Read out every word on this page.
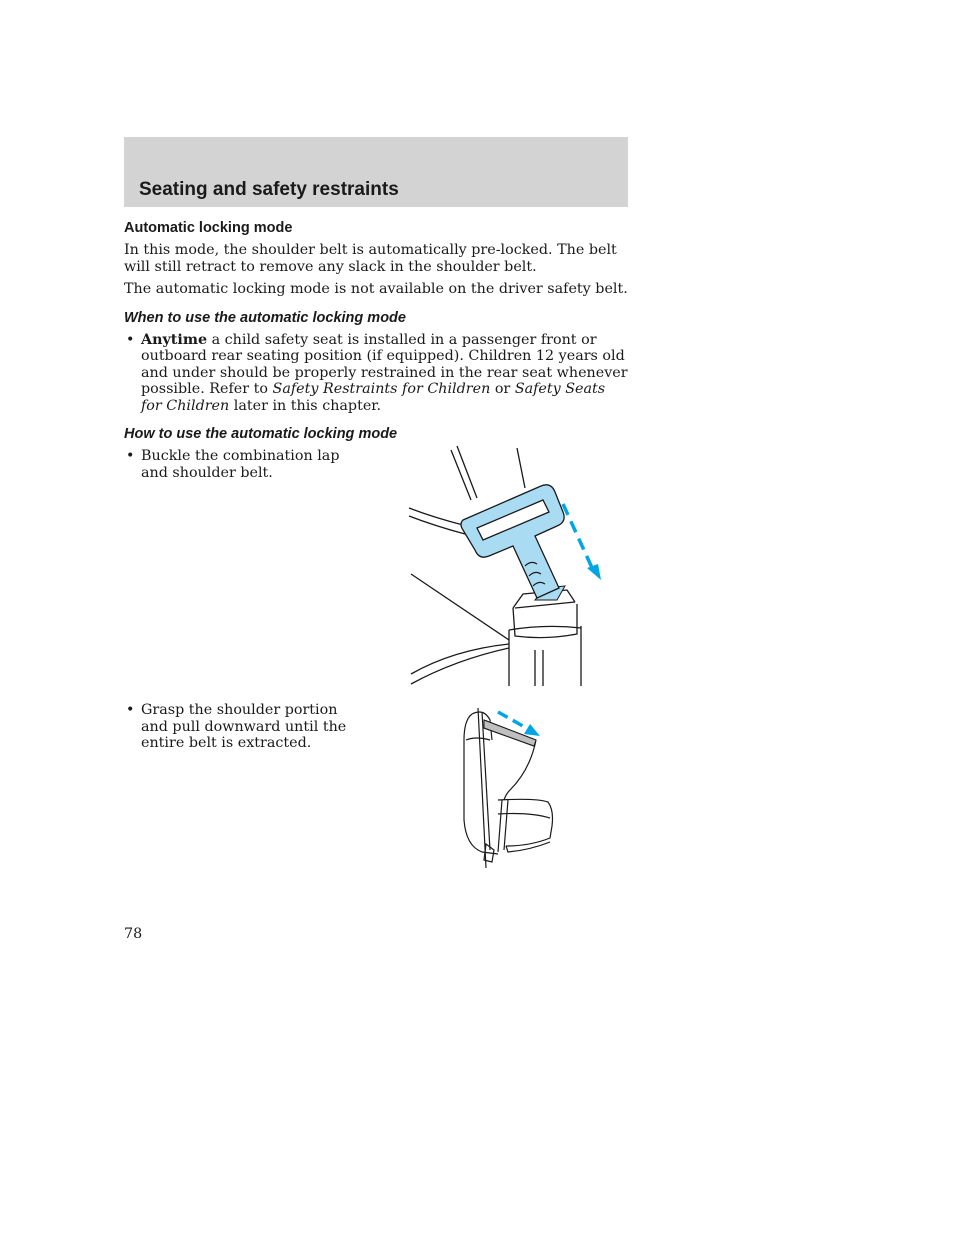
Seating and safety restraints
Automatic locking mode

In this mode, the shoulder belt is automatically pre-locked. The belt will still retract to remove any slack in the shoulder belt.

The automatic locking mode is not available on the driver safety belt.

When to use the automatic locking mode
• Anytime a child safety seat is installed in a passenger front or outboard rear seating position (if equipped). Children 12 years old and under should be properly restrained in the rear seat whenever possible. Refer to Safety Restraints for Children or Safety Seats for Children later in this chapter.
How to use the automatic locking mode
• Buckle the combination lap and shoulder belt.
• Grasp the shoulder portion and pull downward until the entire belt is extracted.
78
